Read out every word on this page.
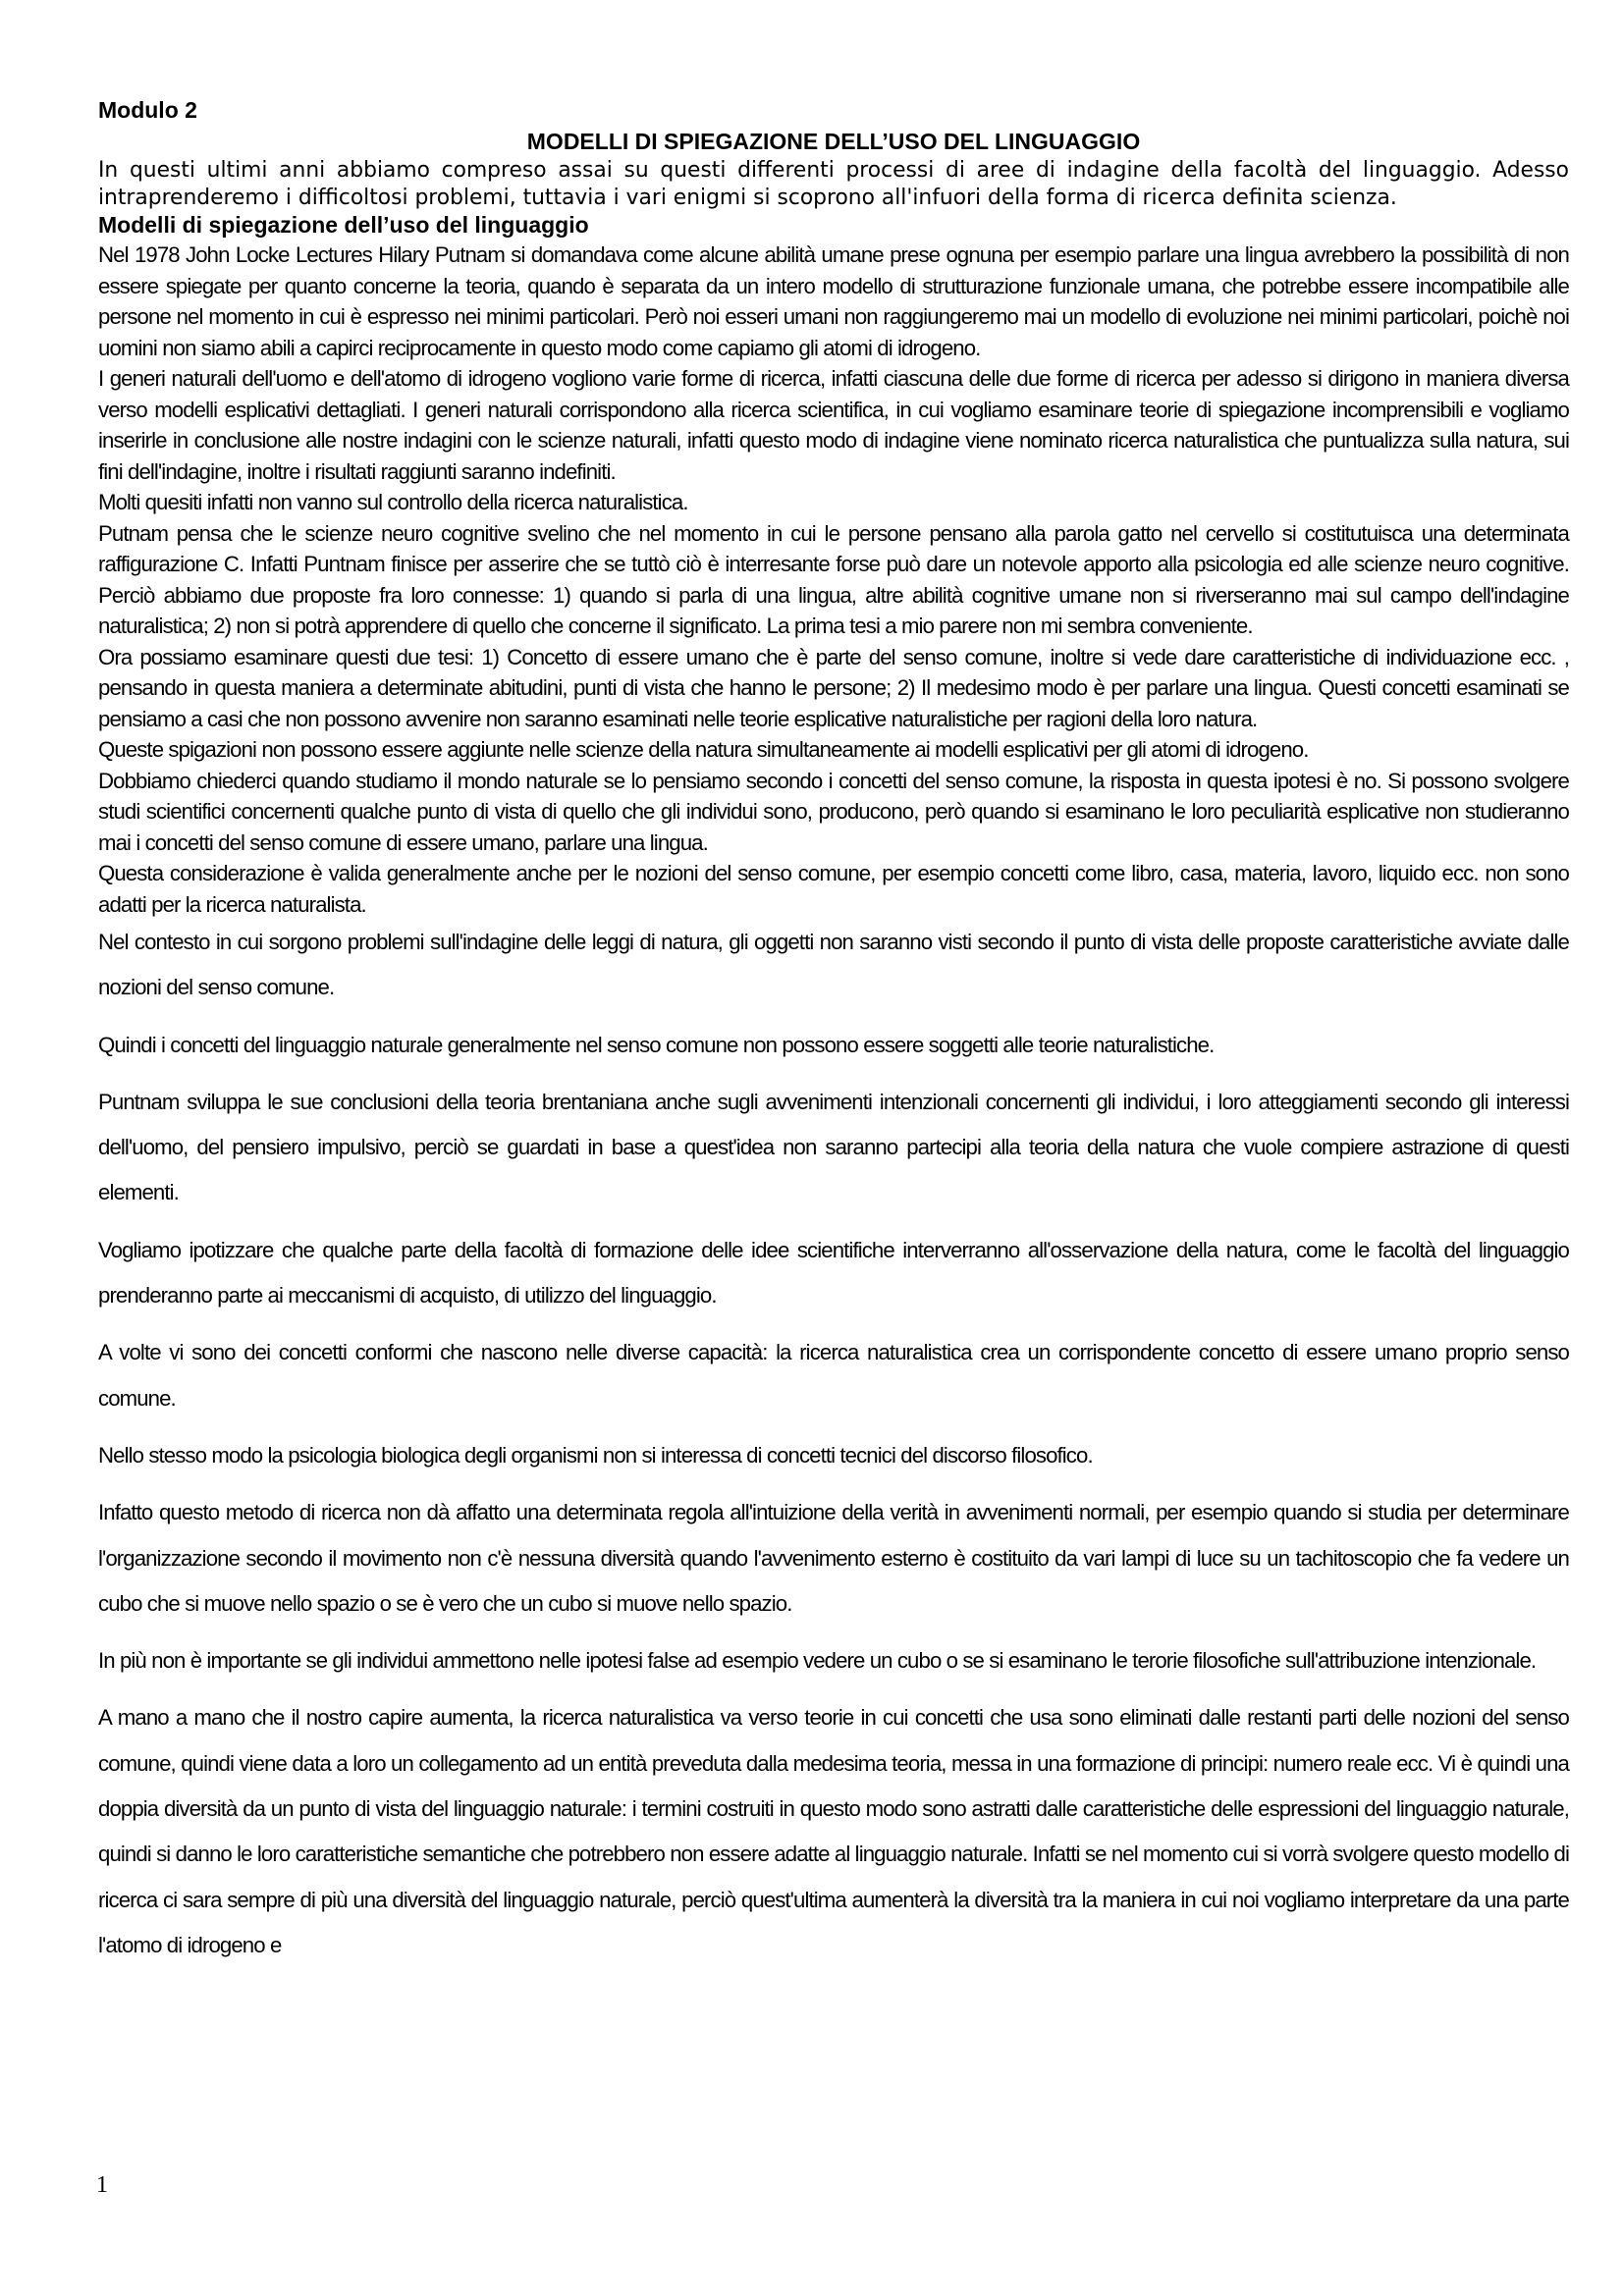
Modulo 2

MODELLI DI SPIEGAZIONE DELL’USO DEL LINGUAGGIO

In questi ultimi anni abbiamo compreso assai su questi differenti processi di aree di indagine della facoltà del linguaggio. Adesso intraprenderemo i difficoltosi problemi, tuttavia i vari enigmi si scoprono all'infuori della forma di ricerca definita scienza.

Modelli di spiegazione dell’uso del linguaggio

Nel 1978 John Locke Lectures Hilary Putnam si domandava come alcune abilità umane prese ognuna per esempio parlare una lingua avrebbero la possibilità di non essere spiegate per quanto concerne la teoria, quando è separata da un intero modello di strutturazione funzionale umana, che potrebbe essere incompatibile alle persone nel momento in cui è espresso nei minimi particolari. Però noi esseri umani non raggiungeremo mai un modello di evoluzione nei minimi particolari, poichè noi uomini non siamo abili a capirci reciprocamente in questo modo come capiamo gli atomi di idrogeno.

I generi naturali dell'uomo e dell'atomo di idrogeno vogliono varie forme di ricerca, infatti ciascuna delle due forme di ricerca per adesso si dirigono in maniera diversa verso modelli esplicativi dettagliati. I generi naturali corrispondono alla ricerca scientifica, in cui vogliamo esaminare teorie di spiegazione incomprensibili e vogliamo inserirle in conclusione alle nostre indagini con le scienze naturali, infatti questo modo di indagine viene nominato ricerca naturalistica che puntualizza sulla natura, sui fini dell'indagine, inoltre i risultati raggiunti saranno indefiniti.

Molti quesiti infatti non vanno sul controllo della ricerca naturalistica.

Putnam pensa che le scienze neuro cognitive svelino che nel momento in cui le persone pensano alla parola gatto nel cervello si costitutuisca una determinata raffigurazione C. Infatti Puntnam finisce per asserire che se tuttò ciò è interresante forse può dare un notevole apporto alla psicologia ed alle scienze neuro cognitive. Perciò abbiamo due proposte fra loro connesse: 1) quando si parla di una lingua, altre abilità cognitive umane non si riverseranno mai sul campo dell'indagine naturalistica; 2) non si potrà apprendere di quello che concerne il significato. La prima tesi a mio parere non mi sembra conveniente.

Ora possiamo esaminare questi due tesi: 1) Concetto di essere umano che è parte del senso comune, inoltre si vede dare caratteristiche di individuazione ecc. , pensando in questa maniera a determinate abitudini, punti di vista che hanno le persone; 2) Il medesimo modo è per parlare una lingua. Questi concetti esaminati se pensiamo a casi che non possono avvenire non saranno esaminati nelle teorie esplicative naturalistiche per ragioni della loro natura.

Queste spigazioni non possono essere aggiunte nelle scienze della natura simultaneamente ai modelli esplicativi per gli atomi di idrogeno.

Dobbiamo chiederci quando studiamo il mondo naturale se lo pensiamo secondo i concetti del senso comune, la risposta in questa ipotesi è no. Si possono svolgere studi scientifici concernenti qualche punto di vista di quello che gli individui sono, producono, però quando si esaminano le loro peculiarità esplicative non studieranno mai i concetti del senso comune di essere umano, parlare una lingua.

Questa considerazione è valida generalmente anche per le nozioni del senso comune, per esempio concetti come libro, casa, materia, lavoro, liquido ecc. non sono adatti per la ricerca naturalista.

Nel contesto in cui sorgono problemi sull'indagine delle leggi di natura, gli oggetti non saranno visti secondo il punto di vista delle proposte caratteristiche avviate dalle nozioni del senso comune.

Quindi i concetti del linguaggio naturale generalmente nel senso comune non possono essere soggetti alle teorie naturalistiche.

Puntnam sviluppa le sue conclusioni della teoria brentaniana anche sugli avvenimenti intenzionali concernenti gli individui, i loro atteggiamenti secondo gli interessi dell'uomo, del pensiero impulsivo, perciò se guardati in base a quest'idea non saranno partecipi alla teoria della natura che vuole compiere astrazione di questi elementi.

Vogliamo ipotizzare che qualche parte della facoltà di formazione delle idee scientifiche interverranno all'osservazione della natura, come le facoltà del linguaggio prenderanno parte ai meccanismi di acquisto, di utilizzo del linguaggio.

A volte vi sono dei concetti conformi che nascono nelle diverse capacità: la ricerca naturalistica crea un corrispondente concetto di essere umano proprio senso comune.

Nello stesso modo la psicologia biologica degli organismi non si interessa di concetti tecnici del discorso filosofico.

Infatto questo metodo di ricerca non dà affatto una determinata regola all'intuizione della verità in avvenimenti normali, per esempio quando si studia per determinare l'organizzazione secondo il movimento non c'è nessuna diversità quando l'avvenimento esterno è costituito da vari lampi di luce su un tachitoscopio che fa vedere un cubo che si muove nello spazio o se è vero che un cubo si muove nello spazio.

In più non è importante se gli individui ammettono nelle ipotesi false ad esempio vedere un cubo o se si esaminano le terorie filosofiche sull'attribuzione intenzionale.

A mano a mano che il nostro capire aumenta, la ricerca naturalistica va verso teorie in cui concetti che usa sono eliminati dalle restanti parti delle nozioni del senso comune, quindi viene data a loro un collegamento ad un entità preveduta dalla medesima teoria, messa in una formazione di principi: numero reale ecc. Vi è quindi una doppia diversità da un punto di vista del linguaggio naturale: i termini costruiti in questo modo sono astratti dalle caratteristiche delle espressioni del linguaggio naturale, quindi si danno le loro caratteristiche semantiche che potrebbero non essere adatte al linguaggio naturale. Infatti se nel momento cui si vorrà svolgere questo modello di ricerca ci sara sempre di più una diversità del linguaggio naturale, perciò quest'ultima aumenterà la diversità tra la maniera in cui noi vogliamo interpretare da una parte l'atomo di idrogeno e

1
